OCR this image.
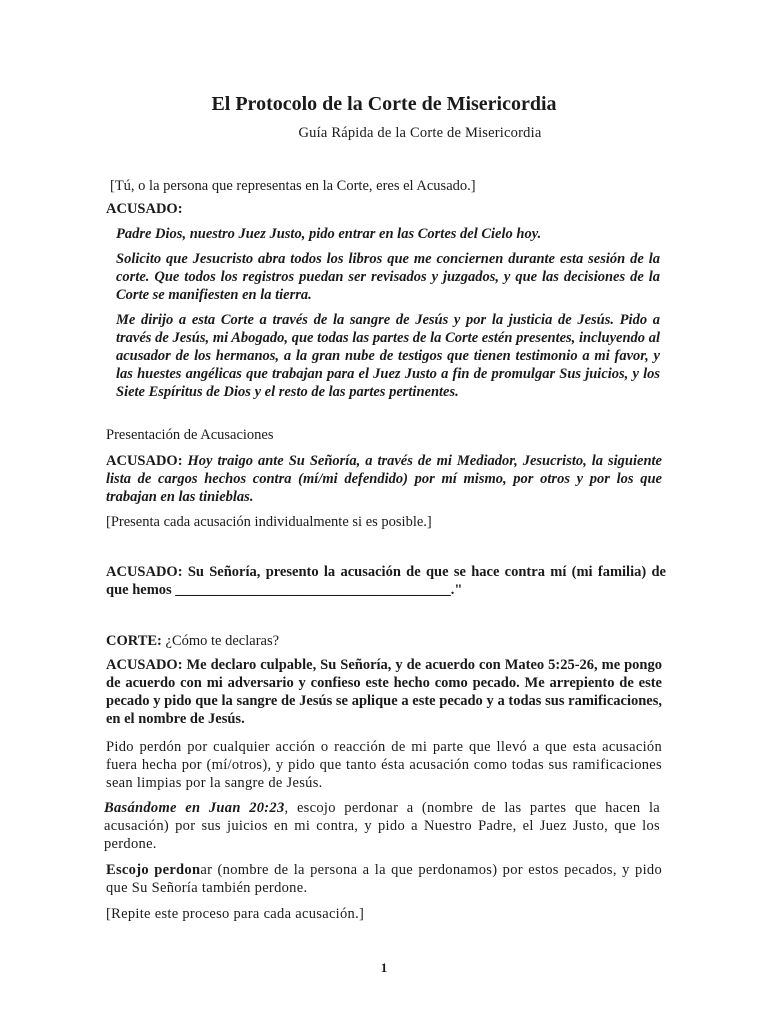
El Protocolo de la Corte de Misericordia
Guía Rápida de la Corte de Misericordia
[Tú, o la persona que representas en la Corte, eres el Acusado.]
ACUSADO:
Padre Dios, nuestro Juez Justo, pido entrar en las Cortes del Cielo hoy.
Solicito que Jesucristo abra todos los libros que me conciernen durante esta sesión de la corte. Que todos los registros puedan ser revisados y juzgados, y que las decisiones de la Corte se manifiesten en la tierra.
Me dirijo a esta Corte a través de la sangre de Jesús y por la justicia de Jesús. Pido a través de Jesús, mi Abogado, que todas las partes de la Corte estén presentes, incluyendo al acusador de los hermanos, a la gran nube de testigos que tienen testimonio a mi favor, y las huestes angélicas que trabajan para el Juez Justo a fin de promulgar Sus juicios, y los Siete Espíritus de Dios y el resto de las partes pertinentes.
Presentación de Acusaciones
ACUSADO: Hoy traigo ante Su Señoría, a través de mi Mediador, Jesucristo, la siguiente lista de cargos hechos contra (mí/mi defendido) por mí mismo, por otros y por los que trabajan en las tinieblas.
[Presenta cada acusación individualmente si es posible.]
ACUSADO: Su Señoría, presento la acusación de que se hace contra mí (mi familia) de que hemos ______________________________________."
CORTE: ¿Cómo te declaras?
ACUSADO: Me declaro culpable, Su Señoría, y de acuerdo con Mateo 5:25-26, me pongo de acuerdo con mi adversario y confieso este hecho como pecado. Me arrepiento de este pecado y pido que la sangre de Jesús se aplique a este pecado y a todas sus ramificaciones, en el nombre de Jesús.
Pido perdón por cualquier acción o reacción de mi parte que llevó a que esta acusación fuera hecha por (mí/otros), y pido que tanto ésta acusación como todas sus ramificaciones sean limpias por la sangre de Jesús.
Basándome en Juan 20:23, escojo perdonar a (nombre de las partes que hacen la acusación) por sus juicios en mi contra, y pido a Nuestro Padre, el Juez Justo, que los perdone.
Escojo perdonar (nombre de la persona a la que perdonamos) por estos pecados, y pido que Su Señoría también perdone.
[Repite este proceso para cada acusación.]
1
